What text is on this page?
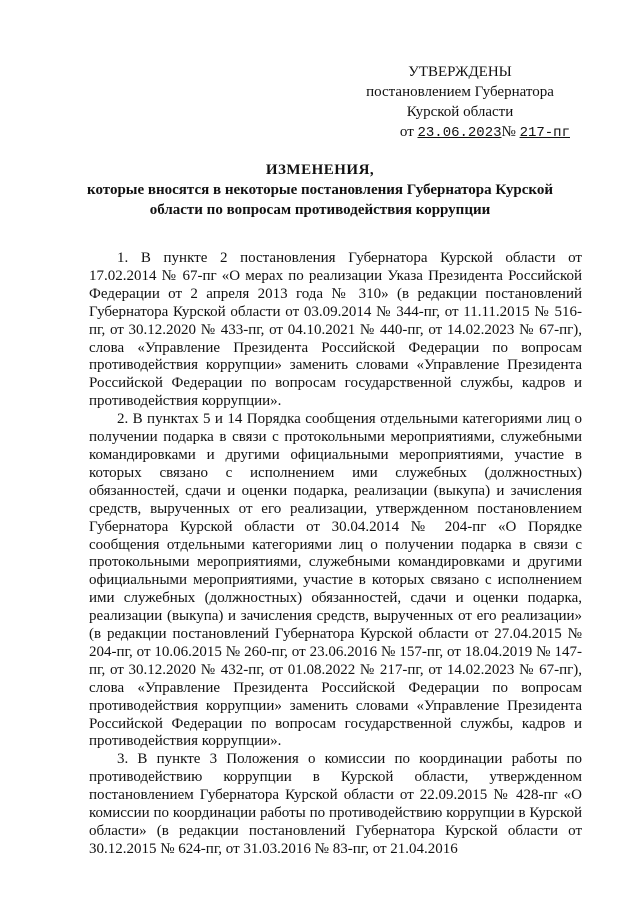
УТВЕРЖДЕНЫ
постановлением Губернатора
Курской области
от 23.06.2023№ 217-пг
ИЗМЕНЕНИЯ,
которые вносятся в некоторые постановления Губернатора Курской области по вопросам противодействия коррупции

1. В пункте 2 постановления Губернатора Курской области от 17.02.2014 № 67-пг «О мерах по реализации Указа Президента Российской Федерации от 2 апреля 2013 года № 310» (в редакции постановлений Губернатора Курской области от 03.09.2014 № 344-пг, от 11.11.2015 № 516-пг, от 30.12.2020 № 433-пг, от 04.10.2021 № 440-пг, от 14.02.2023 № 67-пг), слова «Управление Президента Российской Федерации по вопросам противодействия коррупции» заменить словами «Управление Президента Российской Федерации по вопросам государственной службы, кадров и противодействия коррупции».

2. В пунктах 5 и 14 Порядка сообщения отдельными категориями лиц о получении подарка в связи с протокольными мероприятиями, служебными командировками и другими официальными мероприятиями, участие в которых связано с исполнением ими служебных (должностных) обязанностей, сдачи и оценки подарка, реализации (выкупа) и зачисления средств, вырученных от его реализации, утвержденном постановлением Губернатора Курской области от 30.04.2014 № 204-пг «О Порядке сообщения отдельными категориями лиц о получении подарка в связи с протокольными мероприятиями, служебными командировками и другими официальными мероприятиями, участие в которых связано с исполнением ими служебных (должностных) обязанностей, сдачи и оценки подарка, реализации (выкупа) и зачисления средств, вырученных от его реализации» (в редакции постановлений Губернатора Курской области от 27.04.2015 № 204-пг, от 10.06.2015 № 260-пг, от 23.06.2016 № 157-пг, от 18.04.2019 № 147-пг, от 30.12.2020 № 432-пг, от 01.08.2022 № 217-пг, от 14.02.2023 № 67-пг), слова «Управление Президента Российской Федерации по вопросам противодействия коррупции» заменить словами «Управление Президента Российской Федерации по вопросам государственной службы, кадров и противодействия коррупции».

3. В пункте 3 Положения о комиссии по координации работы по противодействию коррупции в Курской области, утвержденном постановлением Губернатора Курской области от 22.09.2015 № 428-пг «О комиссии по координации работы по противодействию коррупции в Курской области» (в редакции постановлений Губернатора Курской области от 30.12.2015 № 624-пг, от 31.03.2016 № 83-пг, от 21.04.2016
